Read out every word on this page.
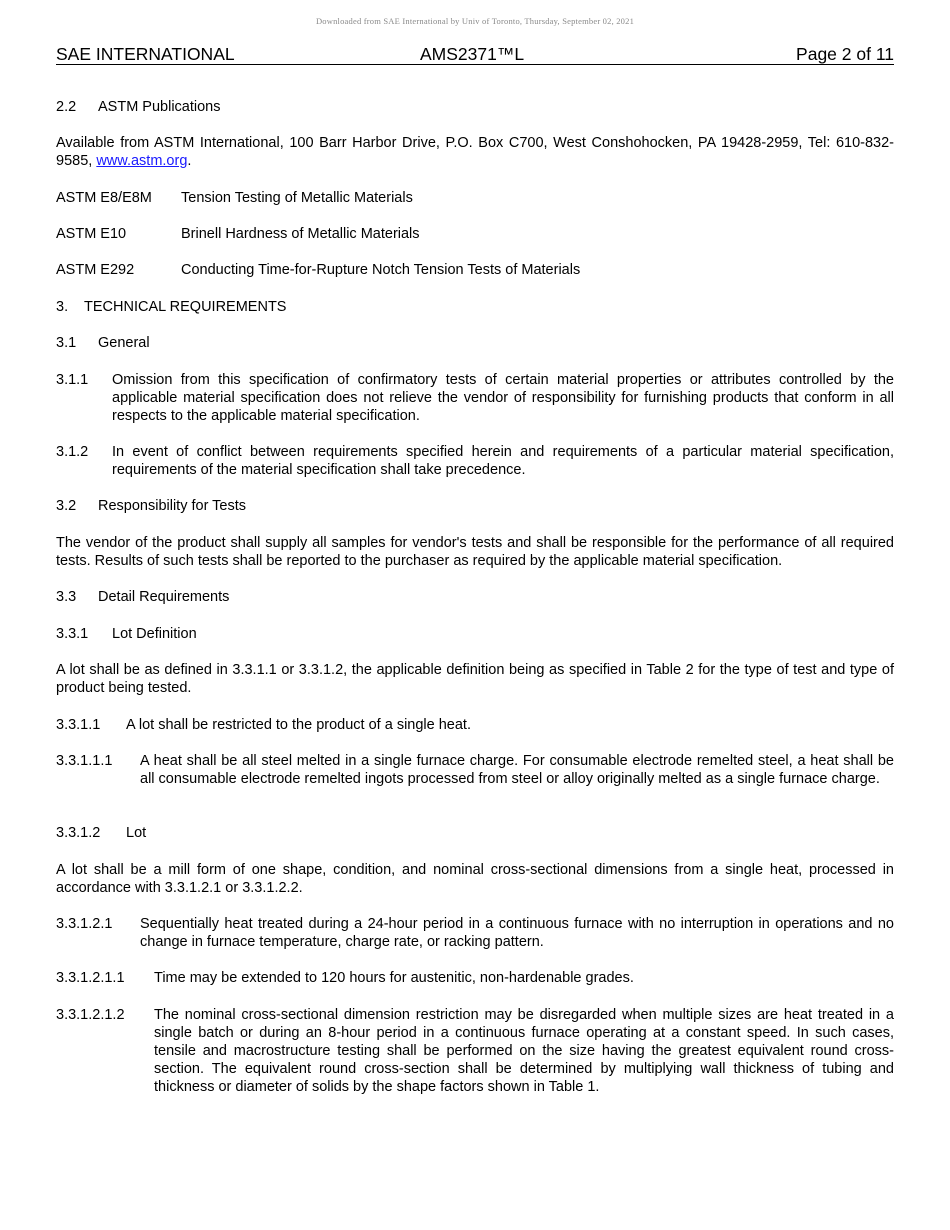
Downloaded from SAE International by Univ of Toronto, Thursday, September 02, 2021
SAE INTERNATIONAL	AMS2371™L	Page 2 of 11
2.2 ASTM Publications
Available from ASTM International, 100 Barr Harbor Drive, P.O. Box C700, West Conshohocken, PA 19428-2959, Tel: 610-832-9585, www.astm.org.
ASTM E8/E8M Tension Testing of Metallic Materials
ASTM E10	Brinell Hardness of Metallic Materials
ASTM E292	Conducting Time-for-Rupture Notch Tension Tests of Materials
3. TECHNICAL REQUIREMENTS
3.1 General
3.1.1 Omission from this specification of confirmatory tests of certain material properties or attributes controlled by the applicable material specification does not relieve the vendor of responsibility for furnishing products that conform in all respects to the applicable material specification.
3.1.2 In event of conflict between requirements specified herein and requirements of a particular material specification, requirements of the material specification shall take precedence.
3.2 Responsibility for Tests
The vendor of the product shall supply all samples for vendor's tests and shall be responsible for the performance of all required tests. Results of such tests shall be reported to the purchaser as required by the applicable material specification.
3.3 Detail Requirements
3.3.1 Lot Definition
A lot shall be as defined in 3.3.1.1 or 3.3.1.2, the applicable definition being as specified in Table 2 for the type of test and type of product being tested.
3.3.1.1 A lot shall be restricted to the product of a single heat.
3.3.1.1.1 A heat shall be all steel melted in a single furnace charge. For consumable electrode remelted steel, a heat shall be all consumable electrode remelted ingots processed from steel or alloy originally melted as a single furnace charge.
3.3.1.2 Lot
A lot shall be a mill form of one shape, condition, and nominal cross-sectional dimensions from a single heat, processed in accordance with 3.3.1.2.1 or 3.3.1.2.2.
3.3.1.2.1 Sequentially heat treated during a 24-hour period in a continuous furnace with no interruption in operations and no change in furnace temperature, charge rate, or racking pattern.
3.3.1.2.1.1 Time may be extended to 120 hours for austenitic, non-hardenable grades.
3.3.1.2.1.2 The nominal cross-sectional dimension restriction may be disregarded when multiple sizes are heat treated in a single batch or during an 8-hour period in a continuous furnace operating at a constant speed. In such cases, tensile and macrostructure testing shall be performed on the size having the greatest equivalent round cross-section. The equivalent round cross-section shall be determined by multiplying wall thickness of tubing and thickness or diameter of solids by the shape factors shown in Table 1.
